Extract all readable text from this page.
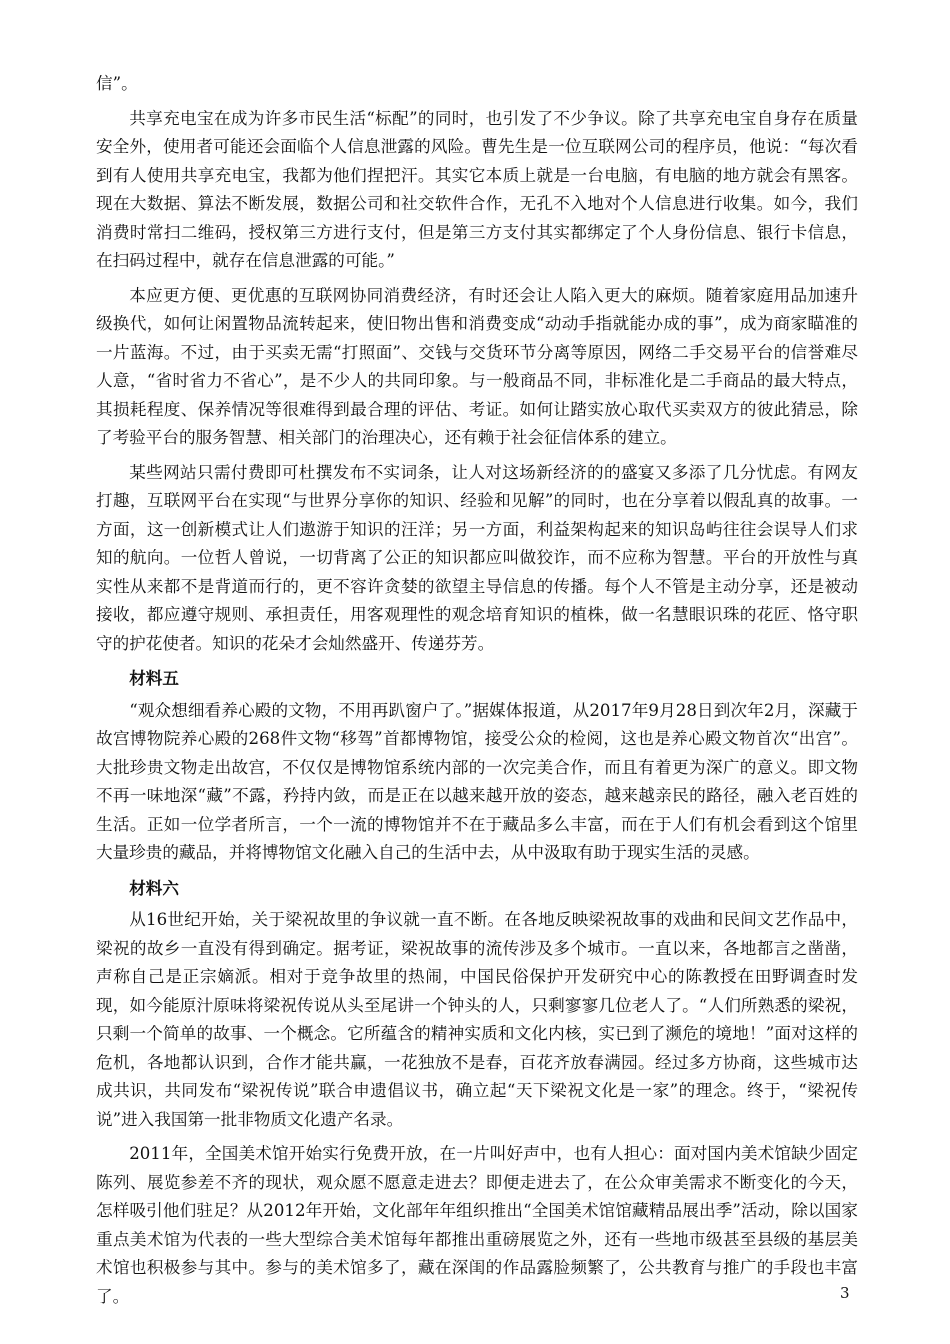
信”。

共享充电宝在成为许多市民生活“标配”的同时，也引发了不少争议。除了共享充电宝自身存在质量安全外，使用者可能还会面临个人信息泄露的风险。曹先生是一位互联网公司的程序员，他说：“每次看到有人使用共享充电宝，我都为他们捏把汗。其实它本质上就是一台电脑，有电脑的地方就会有黑客。现在大数据、算法不断发展，数据公司和社交软件合作，无孔不入地对个人信息进行收集。如今，我们消费时常扫二维码，授权第三方进行支付，但是第三方支付其实都绑定了个人身份信息、银行卡信息，在扫码过程中，就存在信息泄露的可能。”

本应更方便、更优惠的互联网协同消费经济，有时还会让人陷入更大的麻烦。随着家庭用品加速升级换代，如何让闲置物品流转起来，使旧物出售和消费变成“动动手指就能办成的事”，成为商家瞄准的一片蓝海。不过，由于买卖无需“打照面”、交钱与交货环节分离等原因，网络二手交易平台的信誉难尽人意，“省时省力不省心”，是不少人的共同印象。与一般商品不同，非标准化是二手商品的最大特点，其损耗程度、保养情况等很难得到最合理的评估、考证。如何让踏实放心取代买卖双方的彼此猜忌，除了考验平台的服务智慧、相关部门的治理决心，还有赖于社会征信体系的建立。

某些网站只需付费即可杜撰发布不实词条，让人对这场新经济的的盛宴又多添了几分忧虑。有网友打趣，互联网平台在实现“与世界分享你的知识、经验和见解”的同时，也在分享着以假乱真的故事。一方面，这一创新模式让人们遨游于知识的汪洋；另一方面，利益架构起来的知识岛屿往往会误导人们求知的航向。一位哲人曾说，一切背离了公正的知识都应叫做狡诈，而不应称为智慧。平台的开放性与真实性从来都不是背道而行的，更不容许贪婪的欲望主导信息的传播。每个人不管是主动分享，还是被动接收，都应遵守规则、承担责任，用客观理性的观念培育知识的植株，做一名慧眼识珠的花匠、恪守职守的护花使者。知识的花朵才会灿然盛开、传递芬芳。

材料五

“观众想细看养心殿的文物，不用再趴窗户了。”据媒体报道，从2017年9月28日到次年2月，深藏于故宫博物院养心殿的268件文物“移驾”首都博物馆，接受公众的检阅，这也是养心殿文物首次“出宫”。大批珍贵文物走出故宫，不仅仅是博物馆系统内部的一次完美合作，而且有着更为深广的意义。即文物不再一味地深“藏”不露，矜持内敛，而是正在以越来越开放的姿态，越来越亲民的路径，融入老百姓的生活。正如一位学者所言，一个一流的博物馆并不在于藏品多么丰富，而在于人们有机会看到这个馆里大量珍贵的藏品，并将博物馆文化融入自己的生活中去，从中汲取有助于现实生活的灵感。

材料六

从16世纪开始，关于梁祝故里的争议就一直不断。在各地反映梁祝故事的戏曲和民间文艺作品中，梁祝的故乡一直没有得到确定。据考证，梁祝故事的流传涉及多个城市。一直以来，各地都言之凿凿，声称自己是正宗嫡派。相对于竞争故里的热闹，中国民俗保护开发研究中心的陈教授在田野调查时发现，如今能原汁原味将梁祝传说从头至尾讲一个钟头的人，只剩寥寥几位老人了。“人们所熟悉的梁祝，只剩一个简单的故事、一个概念。它所蕴含的精神实质和文化内核，实已到了濒危的境地！”面对这样的危机，各地都认识到，合作才能共赢，一花独放不是春，百花齐放春满园。经过多方协商，这些城市达成共识，共同发布“梁祝传说”联合申遗倡议书，确立起“天下梁祝文化是一家”的理念。终于，“梁祝传说”进入我国第一批非物质文化遗产名录。

2011年，全国美术馆开始实行免费开放，在一片叫好声中，也有人担心：面对国内美术馆缺少固定陈列、展览参差不齐的现状，观众愿不愿意走进去？即便走进去了，在公众审美需求不断变化的今天，怎样吸引他们驻足？从2012年开始，文化部年年组织推出“全国美术馆馆藏精品展出季”活动，除以国家重点美术馆为代表的一些大型综合美术馆每年都推出重磅展览之外，还有一些地市级甚至县级的基层美术馆也积极参与其中。参与的美术馆多了，藏在深闺的作品露脸频繁了，公共教育与推广的手段也丰富了。	3
